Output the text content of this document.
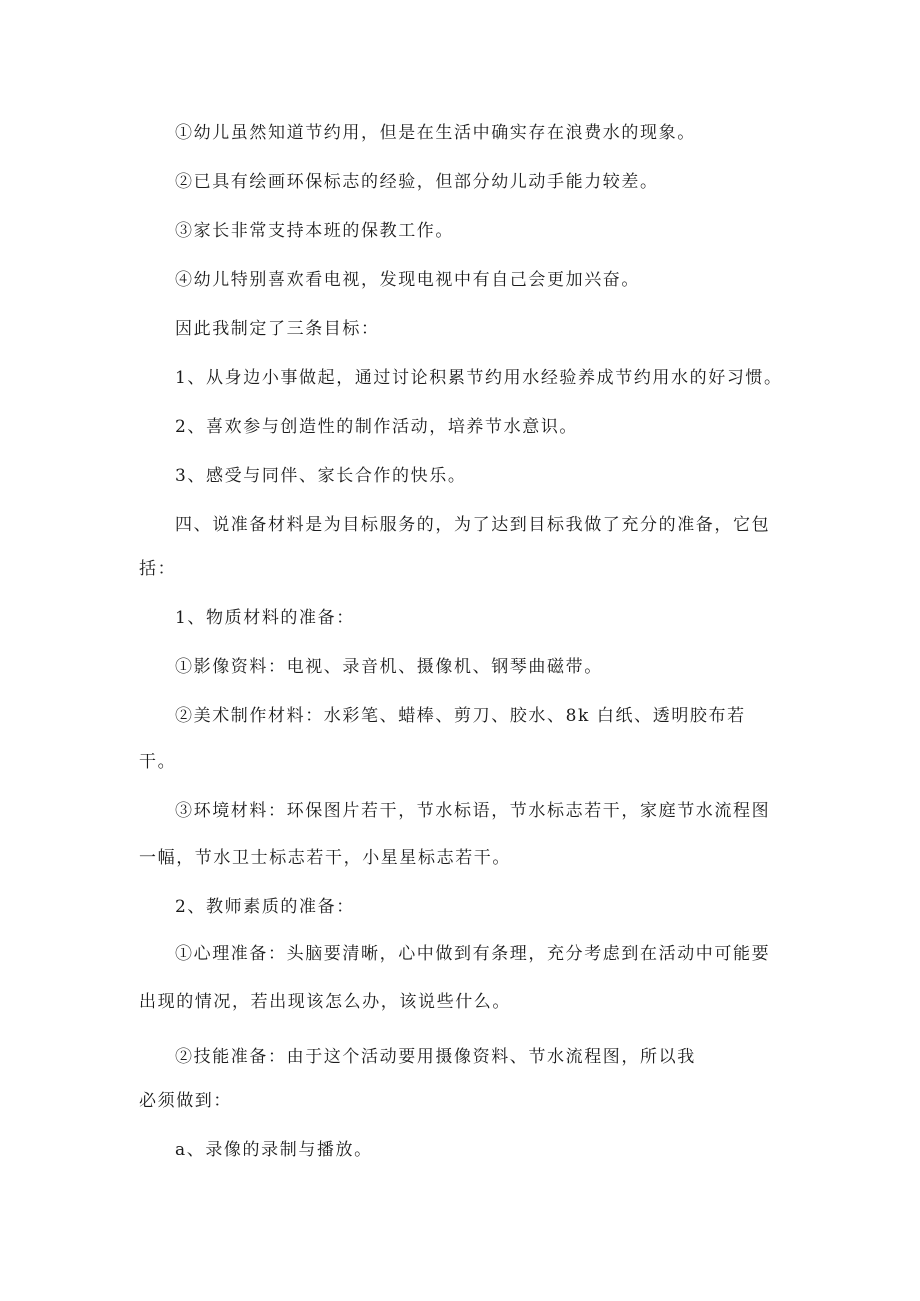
①幼儿虽然知道节约用，但是在生活中确实存在浪费水的现象。

②已具有绘画环保标志的经验，但部分幼儿动手能力较差。

③家长非常支持本班的保教工作。

④幼儿特别喜欢看电视，发现电视中有自己会更加兴奋。

因此我制定了三条目标：

1、从身边小事做起，通过讨论积累节约用水经验养成节约用水的好习惯。

2、喜欢参与创造性的制作活动，培养节水意识。

3、感受与同伴、家长合作的快乐。

四、说准备材料是为目标服务的，为了达到目标我做了充分的准备，它包

括：

1、物质材料的准备：

①影像资料：电视、录音机、摄像机、钢琴曲磁带。

②美术制作材料：水彩笔、蜡棒、剪刀、胶水、8k 白纸、透明胶布若

干。

③环境材料：环保图片若干，节水标语，节水标志若干，家庭节水流程图

一幅，节水卫士标志若干，小星星标志若干。

2、教师素质的准备：

①心理准备：头脑要清晰，心中做到有条理，充分考虑到在活动中可能要

出现的情况，若出现该怎么办，该说些什么。

②技能准备：由于这个活动要用摄像资料、节水流程图，所以我

必须做到：

a、录像的录制与播放。
